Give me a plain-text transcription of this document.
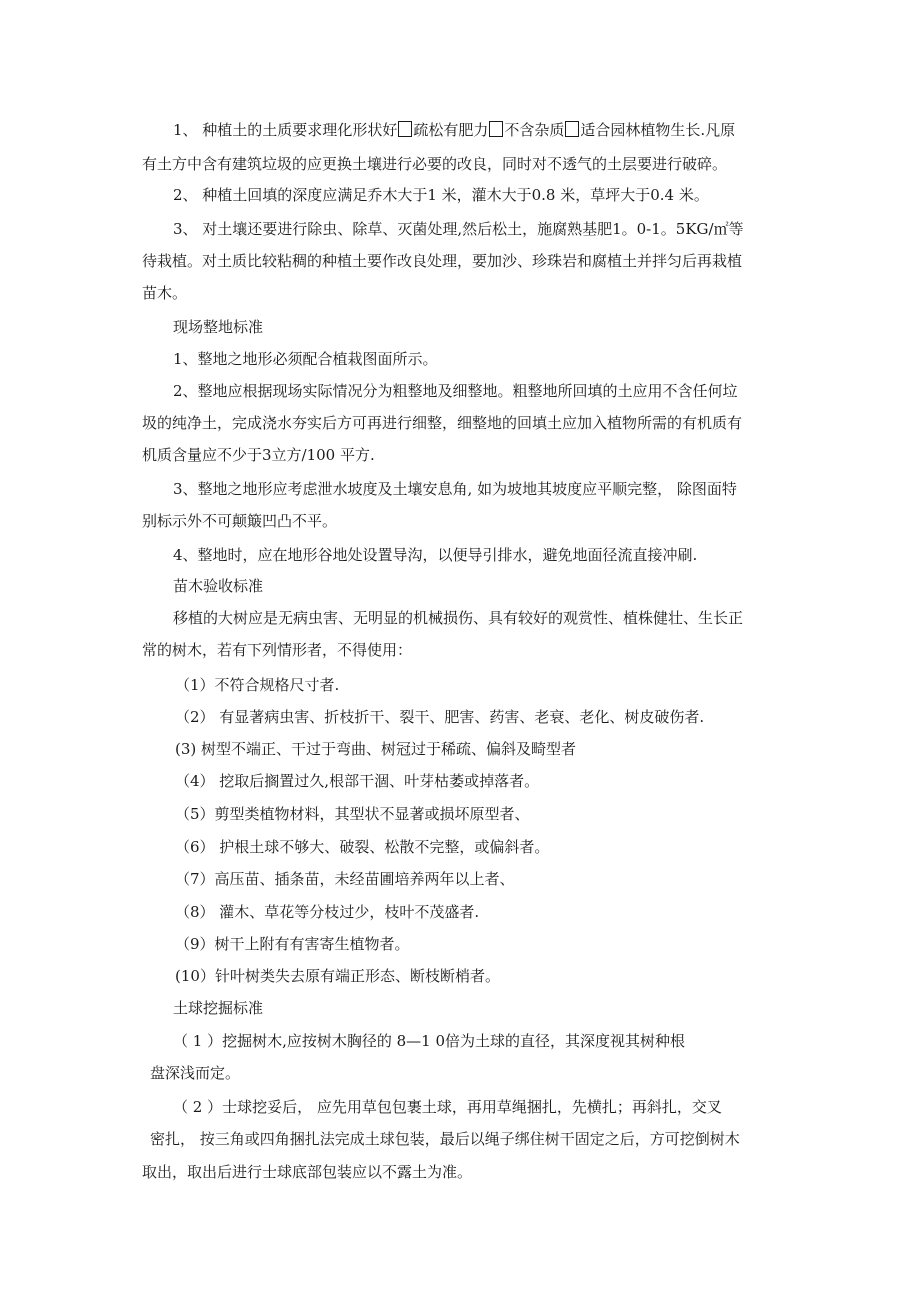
1、 种植土的土质要求理化形状好 疏松有肥力 不含杂质 适合园林植物生长.凡原
有土方中含有建筑垃圾的应更换土壤进行必要的改良，同时对不透气的土层要进行破碎。
2、 种植土回填的深度应满足乔木大于1 米，灌木大于0.8 米，草坪大于0.4 米。
3、 对土壤还要进行除虫、除草、灭菌处理,然后松土，施腐熟基肥1。0-1。5KG/㎡等
待栽植。对土质比较粘稠的种植土要作改良处理，要加沙、珍珠岩和腐植土并拌匀后再栽植
苗木。
现场整地标准
1、整地之地形必须配合植栽图面所示。
2、整地应根据现场实际情况分为粗整地及细整地。粗整地所回填的土应用不含任何垃
圾的纯净土，完成浇水夯实后方可再进行细整，细整地的回填土应加入植物所需的有机质有
机质含量应不少于3立方/100 平方.
3、整地之地形应考虑泄水坡度及土壤安息角, 如为坡地其坡度应平顺完整， 除图面特
别标示外不可颠簸凹凸不平。
4、整地时，应在地形谷地处设置导沟，以便导引排水，避免地面径流直接冲刷.
苗木验收标准
移植的大树应是无病虫害、无明显的机械损伤、具有较好的观赏性、植株健壮、生长正
常的树木，若有下列情形者，不得使用：
（1）不符合规格尺寸者.
（2） 有显著病虫害、折枝折干、裂干、肥害、药害、老衰、老化、树皮破伤者.
(3) 树型不端正、干过于弯曲、树冠过于稀疏、偏斜及畸型者
（4） 挖取后搁置过久,根部干涸、叶芽枯萎或掉落者。
（5）剪型类植物材料，其型状不显著或损坏原型者、
（6） 护根土球不够大、破裂、松散不完整，或偏斜者。
（7）高压苗、插条苗，未经苗圃培养两年以上者、
（8） 灌木、草花等分枝过少，枝叶不茂盛者.
（9）树干上附有有害寄生植物者。
(10）针叶树类失去原有端正形态、断枝断梢者。
土球挖掘标准
（ 1 ）挖掘树木,应按树木胸径的 8—1 0倍为土球的直径，其深度视其树种根
盘深浅而定。
（ 2 ）士球挖妥后， 应先用草包包裹土球，再用草绳捆扎，先横扎；再斜扎，交叉
密扎， 按三角或四角捆扎法完成土球包装，最后以绳子绑住树干固定之后，方可挖倒树木
取出，取出后进行士球底部包装应以不露土为准。
